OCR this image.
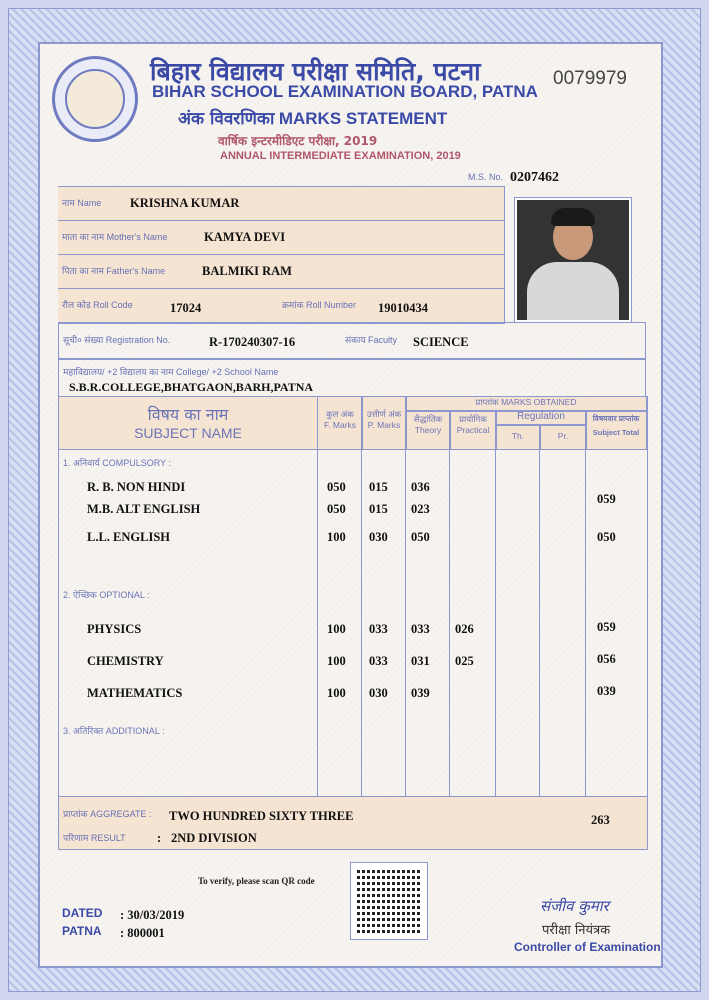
बिहार विद्यालय परीक्षा समिति, पटना
BIHAR SCHOOL EXAMINATION BOARD, PATNA
0079979
अंक विवरणिका MARKS STATEMENT
वार्षिक इन्टरमीडिएट परीक्षा, 2019
ANNUAL INTERMEDIATE EXAMINATION, 2019
M.S. No. 0207462
नाम Name KRISHNA KUMAR
माता का नाम Mother's Name	KAMYA DEVI
पिता का नाम Father's Name	BALMIKI RAM
रौल कोड Roll Code	17024	क्रमांक Roll Number 19010434
सूची० संख्या Registration No.	R-170240307-16	संकाय Faculty SCIENCE
महाविद्यालय/ +2 विद्यालय का नाम College/ +2 School Name
S.B.R.COLLEGE,BHATGAON,BARH,PATNA
विषय का नाम
SUBJECT NAME
कुल अंक
F. Marks
उत्तीर्ण अंक
P. Marks
प्राप्तांक MARKS OBTAINED
सैद्धांतिक
Theory
प्रायोगिक
Practical
Regulation
Th.	Pr.
विषयवार प्राप्तांक
Subject Total
1. अनिवार्य COMPULSORY :
R. B. NON HINDI	050 015 036
M.B. ALT ENGLISH	050 015 023
059
L.L. ENGLISH	100 030 050	050
2. ऐच्छिक OPTIONAL :
PHYSICS	100 033 033 026	059
CHEMISTRY	100 033 031 025	056
MATHEMATICS	100 030 039	039
3. अतिरिक्त ADDITIONAL :
प्राप्तांक AGGREGATE : TWO HUNDRED SIXTY THREE	263
परिणाम RESULT	: 2ND DIVISION
To verify, please scan QR code
DATED : 30/03/2019
PATNA : 800001
संजीव कुमार
परीक्षा नियंत्रक
Controller of Examination
